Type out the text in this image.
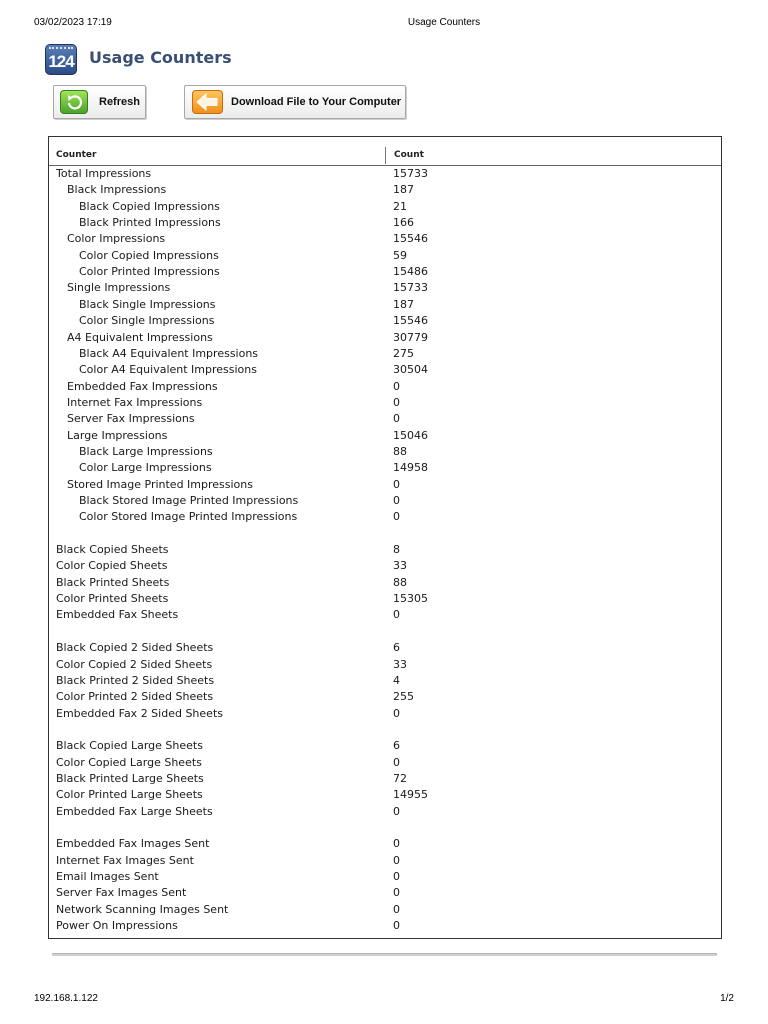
03/02/2023 17:19	Usage Counters
124 Usage Counters
Refresh	Download File to Your Computer
Counter	Count
Total Impressions	15733
Black Impressions	187
Black Copied Impressions	21
Black Printed Impressions	166
Color Impressions	15546
Color Copied Impressions	59
Color Printed Impressions	15486
Single Impressions	15733
Black Single Impressions	187
Color Single Impressions	15546
A4 Equivalent Impressions	30779
Black A4 Equivalent Impressions	275
Color A4 Equivalent Impressions	30504
Embedded Fax Impressions	0
Internet Fax Impressions	0
Server Fax Impressions	0
Large Impressions	15046
Black Large Impressions	88
Color Large Impressions	14958
Stored Image Printed Impressions	0
Black Stored Image Printed Impressions	0
Color Stored Image Printed Impressions	0
Black Copied Sheets	8
Color Copied Sheets	33
Black Printed Sheets	88
Color Printed Sheets	15305
Embedded Fax Sheets	0
Black Copied 2 Sided Sheets	6
Color Copied 2 Sided Sheets	33
Black Printed 2 Sided Sheets	4
Color Printed 2 Sided Sheets	255
Embedded Fax 2 Sided Sheets	0
Black Copied Large Sheets	6
Color Copied Large Sheets	0
Black Printed Large Sheets	72
Color Printed Large Sheets	14955
Embedded Fax Large Sheets	0
Embedded Fax Images Sent	0
Internet Fax Images Sent	0
Email Images Sent	0
Server Fax Images Sent	0
Network Scanning Images Sent	0
Power On Impressions	0
192.168.1.122	1/2
